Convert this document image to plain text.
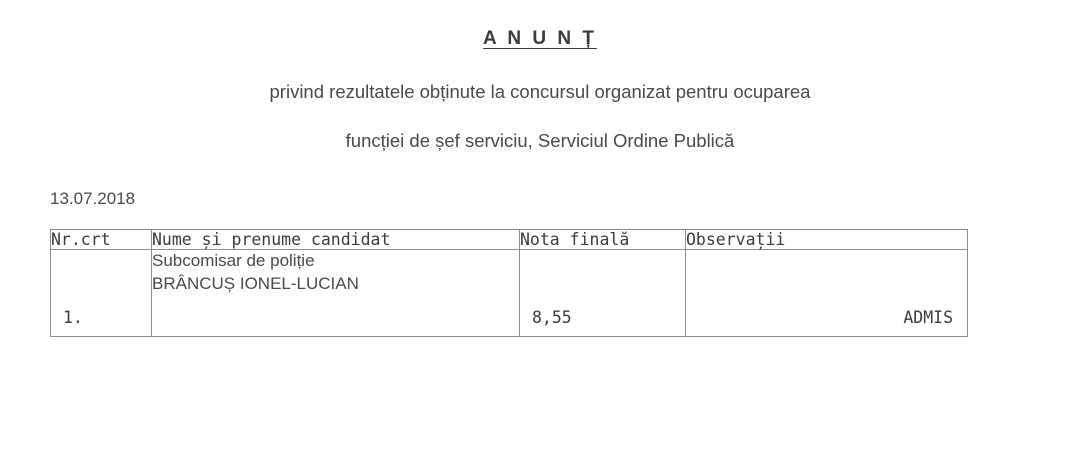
A N U N Ț
privind rezultatele obținute la concursul organizat pentru ocuparea
funcției de șef serviciu, Serviciul Ordine Publică
13.07.2018
Nr.crt	Nume și prenume candidat	Nota finală	Observații

1.	Subcomisar de poliție
BRÂNCUȘ IONEL-LUCIAN	8,55	ADMIS
